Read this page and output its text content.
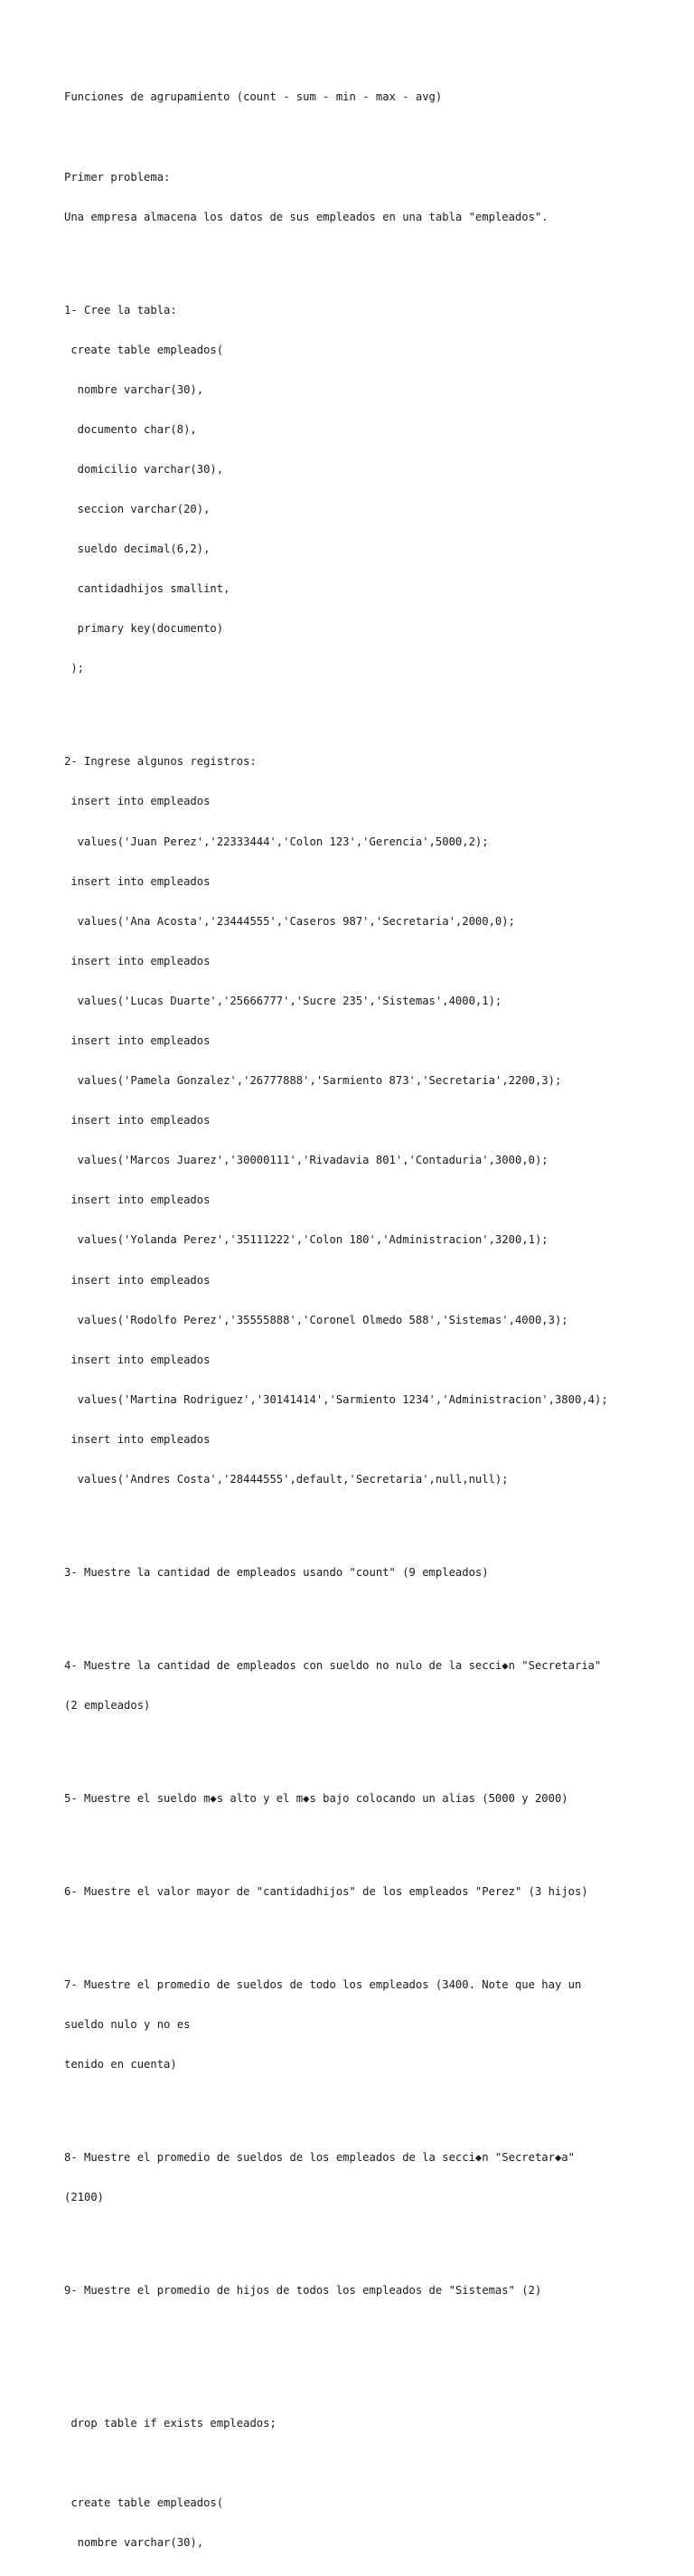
Funciones de agrupamiento (count - sum - min - max - avg)

Primer problema:

Una empresa almacena los datos de sus empleados en una tabla "empleados".

1- Cree la tabla:

create table empleados(

nombre varchar(30),

documento char(8),

domicilio varchar(30),

seccion varchar(20),

sueldo decimal(6,2),

cantidadhijos smallint,

primary key(documento)

);

2- Ingrese algunos registros:

insert into empleados

values('Juan Perez','22333444','Colon 123','Gerencia',5000,2);

insert into empleados

values('Ana Acosta','23444555','Caseros 987','Secretaria',2000,0);

insert into empleados

values('Lucas Duarte','25666777','Sucre 235','Sistemas',4000,1);

insert into empleados

values('Pamela Gonzalez','26777888','Sarmiento 873','Secretaria',2200,3);

insert into empleados

values('Marcos Juarez','30000111','Rivadavia 801','Contaduria',3000,0);

insert into empleados

values('Yolanda Perez','35111222','Colon 180','Administracion',3200,1);

insert into empleados

values('Rodolfo Perez','35555888','Coronel Olmedo 588','Sistemas',4000,3);

insert into empleados

values('Martina Rodriguez','30141414','Sarmiento 1234','Administracion',3800,4);

insert into empleados

values('Andres Costa','28444555',default,'Secretaria',null,null);

3- Muestre la cantidad de empleados usando "count" (9 empleados)

4- Muestre la cantidad de empleados con sueldo no nulo de la secci◆n "Secretaria"

(2 empleados)

5- Muestre el sueldo m◆s alto y el m◆s bajo colocando un alias (5000 y 2000)

6- Muestre el valor mayor de "cantidadhijos" de los empleados "Perez" (3 hijos)

7- Muestre el promedio de sueldos de todo los empleados (3400. Note que hay un

sueldo nulo y no es

tenido en cuenta)

8- Muestre el promedio de sueldos de los empleados de la secci◆n "Secretar◆a"

(2100)

9- Muestre el promedio de hijos de todos los empleados de "Sistemas" (2)

drop table if exists empleados;

create table empleados(

nombre varchar(30),
